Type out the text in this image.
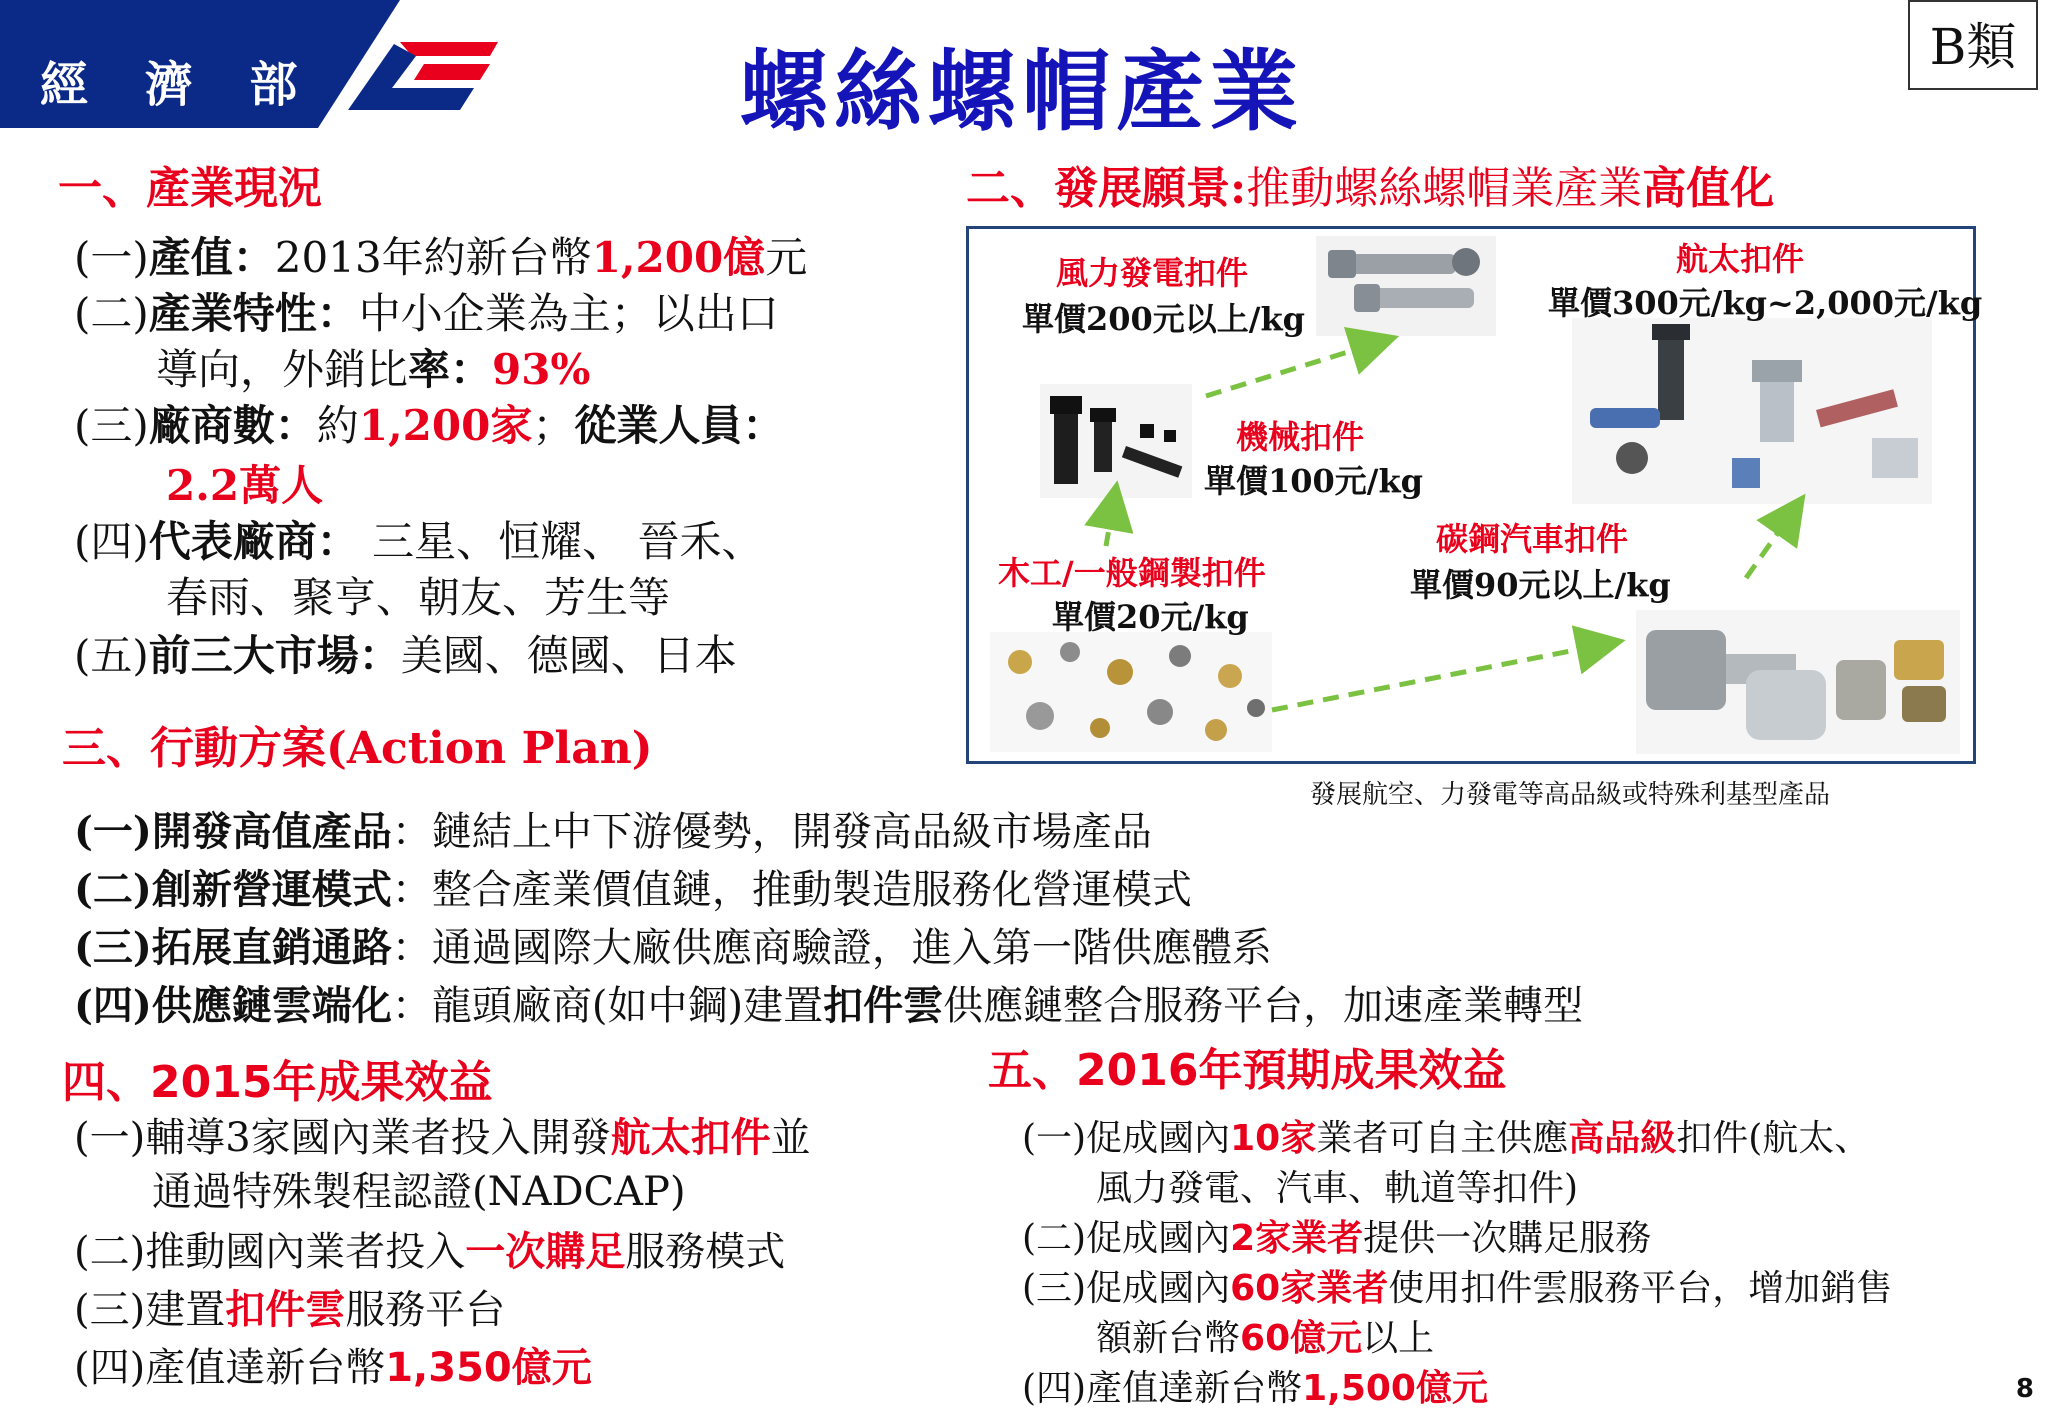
經 濟 部	螺絲螺帽產業	B類
一、產業現況
(一)產值：2013年約新台幣1,200億元
(二)產業特性：中小企業為主；以出口
導向，外銷比率：93%
(三)廠商數：約1,200家；從業人員：
2.2萬人
(四)代表廠商： 三星、恒耀、 晉禾、
春雨、聚亨、朝友、芳生等
(五)前三大市場：美國、德國、日本
二、發展願景:推動螺絲螺帽業產業高值化
風力發電扣件
單價200元以上/kg
航太扣件
單價300元/kg~2,000元/kg
機械扣件
單價100元/kg
碳鋼汽車扣件
單價90元以上/kg
木工/一般鋼製扣件
單價20元/kg
發展航空、力發電等高品級或特殊利基型產品
三、行動方案(Action Plan)
(一)開發高值產品：鏈結上中下游優勢，開發高品級市場產品
(二)創新營運模式：整合產業價值鏈，推動製造服務化營運模式
(三)拓展直銷通路：通過國際大廠供應商驗證，進入第一階供應體系
(四)供應鏈雲端化：龍頭廠商(如中鋼)建置扣件雲供應鏈整合服務平台，加速產業轉型
四、2015年成果效益
(一)輔導3家國內業者投入開發航太扣件並
通過特殊製程認證(NADCAP)
(二)推動國內業者投入一次購足服務模式
(三)建置扣件雲服務平台
(四)產值達新台幣1,350億元
五、2016年預期成果效益
(一)促成國內10家業者可自主供應高品級扣件(航太、
風力發電、汽車、軌道等扣件)
(二)促成國內2家業者提供一次購足服務
(三)促成國內60家業者使用扣件雲服務平台，增加銷售
額新台幣60億元以上
(四)產值達新台幣1,500億元	8
